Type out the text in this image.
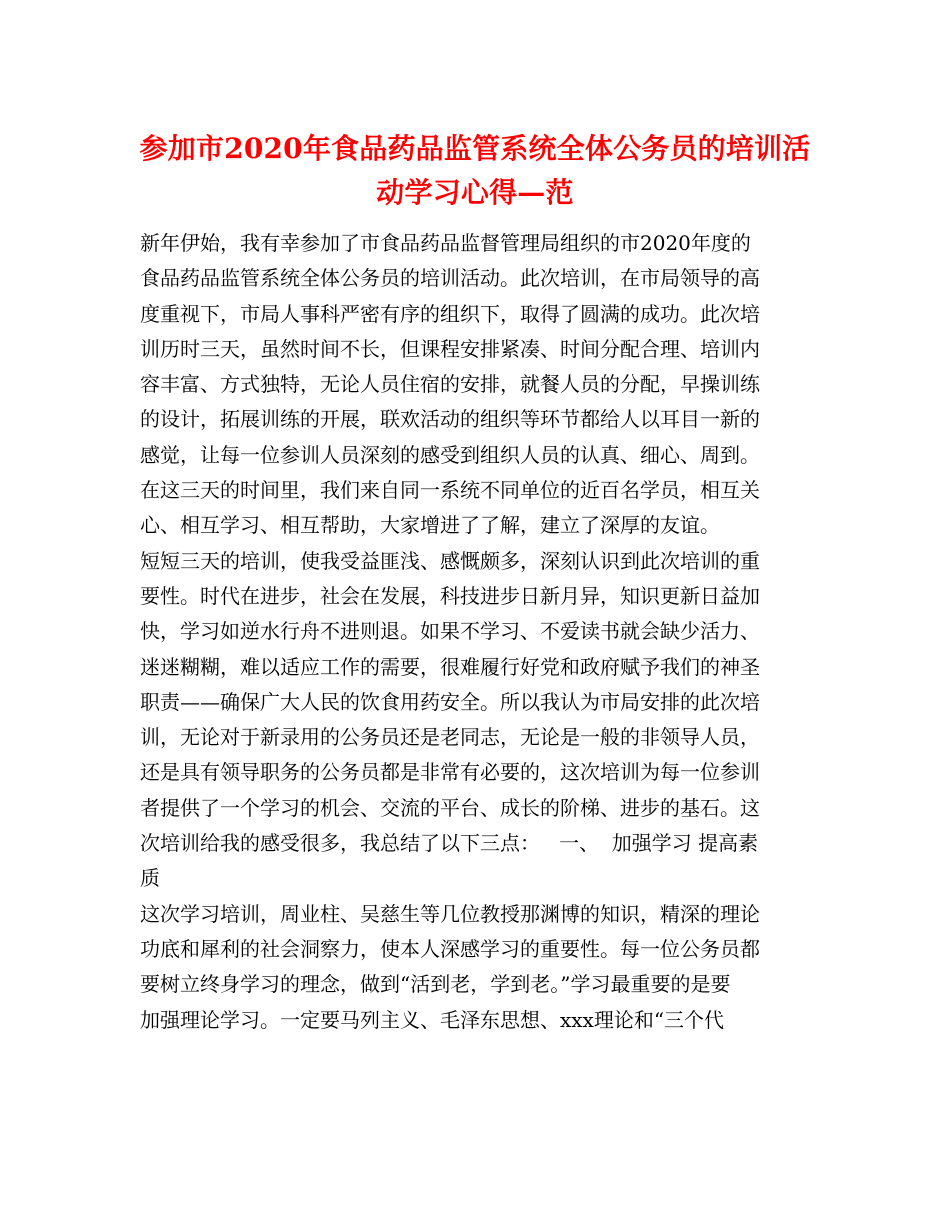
参加市2020年食品药品监管系统全体公务员的培训活
动学习心得—范
新年伊始，我有幸参加了市食品药品监督管理局组织的市2020年度的
食品药品监管系统全体公务员的培训活动。此次培训，在市局领导的高
度重视下，市局人事科严密有序的组织下，取得了圆满的成功。此次培
训历时三天，虽然时间不长，但课程安排紧凑、时间分配合理、培训内
容丰富、方式独特，无论人员住宿的安排，就餐人员的分配，早操训练
的设计，拓展训练的开展，联欢活动的组织等环节都给人以耳目一新的
感觉，让每一位参训人员深刻的感受到组织人员的认真、细心、周到。
在这三天的时间里，我们来自同一系统不同单位的近百名学员，相互关
心、相互学习、相互帮助，大家增进了了解，建立了深厚的友谊。
短短三天的培训，使我受益匪浅、感慨颇多，深刻认识到此次培训的重
要性。时代在进步，社会在发展，科技进步日新月异，知识更新日益加
快，学习如逆水行舟不进则退。如果不学习、不爱读书就会缺少活力、
迷迷糊糊，难以适应工作的需要，很难履行好党和政府赋予我们的神圣
职责——确保广大人民的饮食用药安全。所以我认为市局安排的此次培
训，无论对于新录用的公务员还是老同志，无论是一般的非领导人员，
还是具有领导职务的公务员都是非常有必要的，这次培训为每一位参训
者提供了一个学习的机会、交流的平台、成长的阶梯、进步的基石。这
次培训给我的感受很多，我总结了以下三点：   一、  加强学习 提高素
质
这次学习培训，周业柱、吴慈生等几位教授那渊博的知识，精深的理论
功底和犀利的社会洞察力，使本人深感学习的重要性。每一位公务员都
要树立终身学习的理念，做到“活到老，学到老。”学习最重要的是要
加强理论学习。一定要马列主义、毛泽东思想、xxx理论和“三个代
